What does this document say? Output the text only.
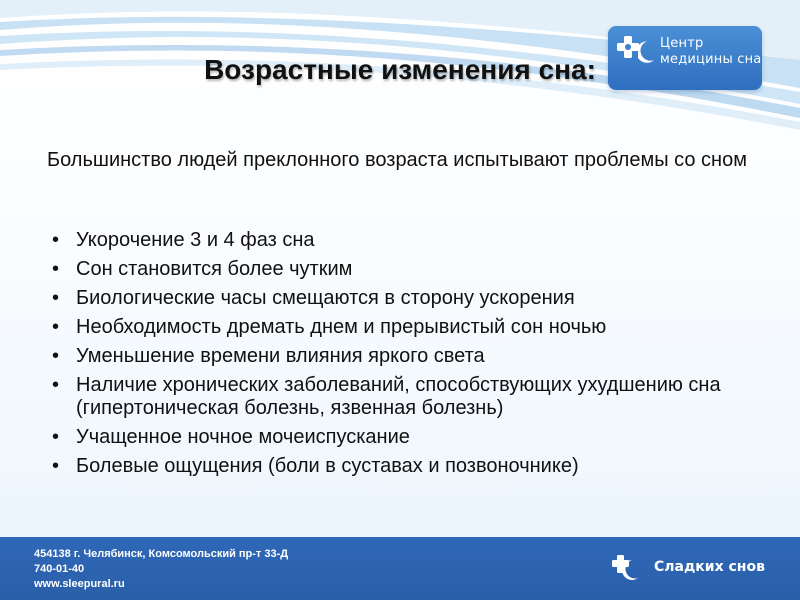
Центр
медицины сна
Возрастные изменения сна:
Большинство людей преклонного возраста испытывают проблемы со сном
• Укорочение 3 и 4 фаз сна
• Сон становится более чутким
• Биологические часы смещаются в сторону ускорения
• Необходимость дремать днем и прерывистый сон ночью
• Уменьшение времени влияния яркого света
• Наличие хронических заболеваний, способствующих ухудшению сна (гипертоническая болезнь, язвенная болезнь)
• Учащенное ночное мочеиспускание
• Болевые ощущения (боли в суставах и позвоночнике)
454138 г. Челябинск, Комсомольский пр-т 33-Д
740-01-40
www.sleepural.ru
Сладких снов
